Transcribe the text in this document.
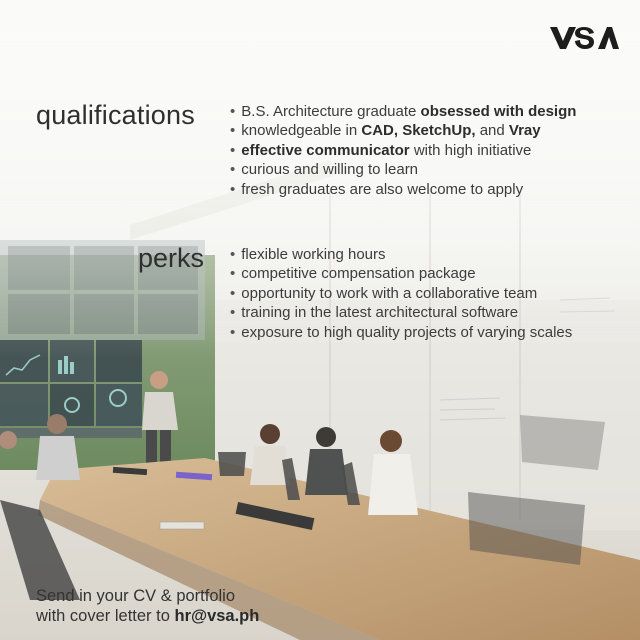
qualifications	• B.S. Architecture graduate obsessed with design
• knowledgeable in CAD, SketchUp, and Vray
• effective communicator with high initiative
• curious and willing to learn
• fresh graduates are also welcome to apply
perks	• flexible working hours
• competitive compensation package
• opportunity to work with a collaborative team
• training in the latest architectural software
• exposure to high quality projects of varying scales
Send in your CV & portfolio
with cover letter to hr@vsa.ph
